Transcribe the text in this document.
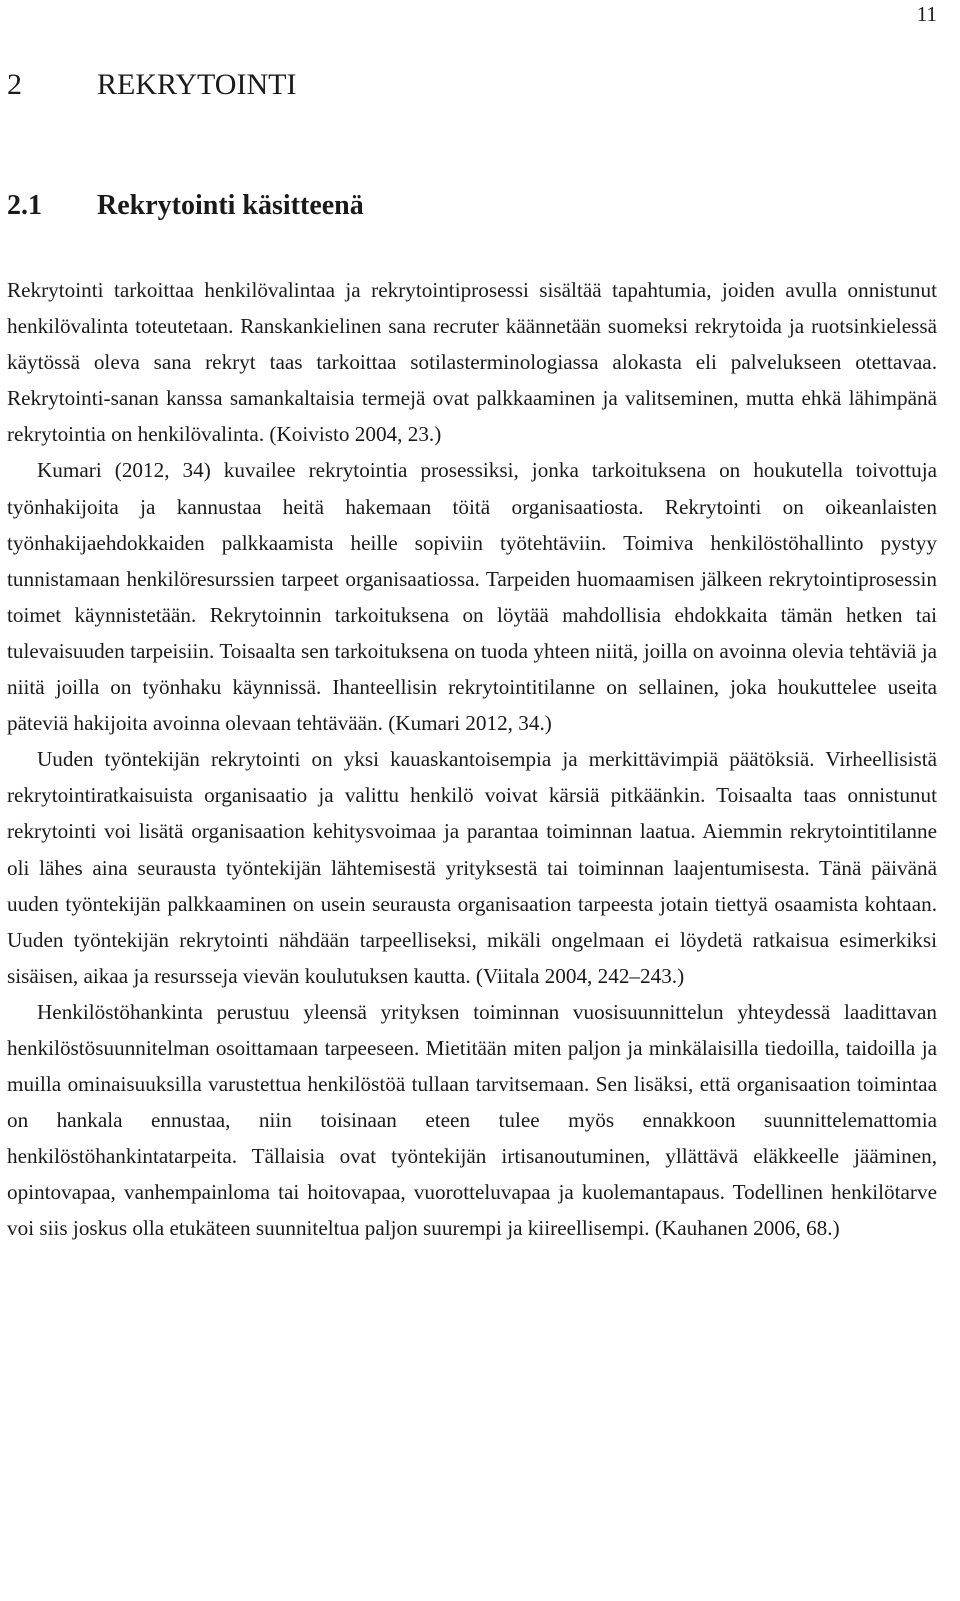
11
2	REKRYTOINTI
2.1	Rekrytointi käsitteenä

Rekrytointi tarkoittaa henkilövalintaa ja rekrytointiprosessi sisältää tapahtumia, joiden avulla onnistunut henkilövalinta toteutetaan. Ranskankielinen sana recruter käännetään suomeksi rekrytoida ja ruotsinkielessä käytössä oleva sana rekryt taas tarkoittaa sotilasterminologiassa alokasta eli palvelukseen otettavaa. Rekrytointi-sanan kanssa samankaltaisia termejä ovat palkkaaminen ja valitseminen, mutta ehkä lähimpänä rekrytointia on henkilövalinta. (Koivisto 2004, 23.)

Kumari (2012, 34) kuvailee rekrytointia prosessiksi, jonka tarkoituksena on houkutella toivottuja työnhakijoita ja kannustaa heitä hakemaan töitä organisaatiosta. Rekrytointi on oikeanlaisten työnhakijaehdokkaiden palkkaamista heille sopiviin työtehtäviin. Toimiva henkilöstöhallinto pystyy tunnistamaan henkilöresurssien tarpeet organisaatiossa. Tarpeiden huomaamisen jälkeen rekrytointiprosessin toimet käynnistetään. Rekrytoinnin tarkoituksena on löytää mahdollisia ehdokkaita tämän hetken tai tulevaisuuden tarpeisiin. Toisaalta sen tarkoituksena on tuoda yhteen niitä, joilla on avoinna olevia tehtäviä ja niitä joilla on työnhaku käynnissä. Ihanteellisin rekrytointitilanne on sellainen, joka houkuttelee useita päteviä hakijoita avoinna olevaan tehtävään. (Kumari 2012, 34.)

Uuden työntekijän rekrytointi on yksi kauaskantoisempia ja merkittävimpiä päätöksiä. Virheellisistä rekrytointiratkaisuista organisaatio ja valittu henkilö voivat kärsiä pitkäänkin. Toisaalta taas onnistunut rekrytointi voi lisätä organisaation kehitysvoimaa ja parantaa toiminnan laatua. Aiemmin rekrytointitilanne oli lähes aina seurausta työntekijän lähtemisestä yrityksestä tai toiminnan laajentumisesta. Tänä päivänä uuden työntekijän palkkaaminen on usein seurausta organisaation tarpeesta jotain tiettyä osaamista kohtaan. Uuden työntekijän rekrytointi nähdään tarpeelliseksi, mikäli ongelmaan ei löydetä ratkaisua esimerkiksi sisäisen, aikaa ja resursseja vievän koulutuksen kautta. (Viitala 2004, 242–243.)

Henkilöstöhankinta perustuu yleensä yrityksen toiminnan vuosisuunnittelun yhteydessä laadittavan henkilöstösuunnitelman osoittamaan tarpeeseen. Mietitään miten paljon ja minkälaisilla tiedoilla, taidoilla ja muilla ominaisuuksilla varustettua henkilöstöä tullaan tarvitsemaan. Sen lisäksi, että organisaation toimintaa on hankala ennustaa, niin toisinaan eteen tulee myös ennakkoon suunnittelemattomia henkilöstöhankintatarpeita. Tällaisia ovat työntekijän irtisanoutuminen, yllättävä eläkkeelle jääminen, opintovapaa, vanhempainloma tai hoitovapaa, vuorotteluvapaa ja kuolemantapaus. Todellinen henkilötarve voi siis joskus olla etukäteen suunniteltua paljon suurempi ja kiireellisempi. (Kauhanen 2006, 68.)
